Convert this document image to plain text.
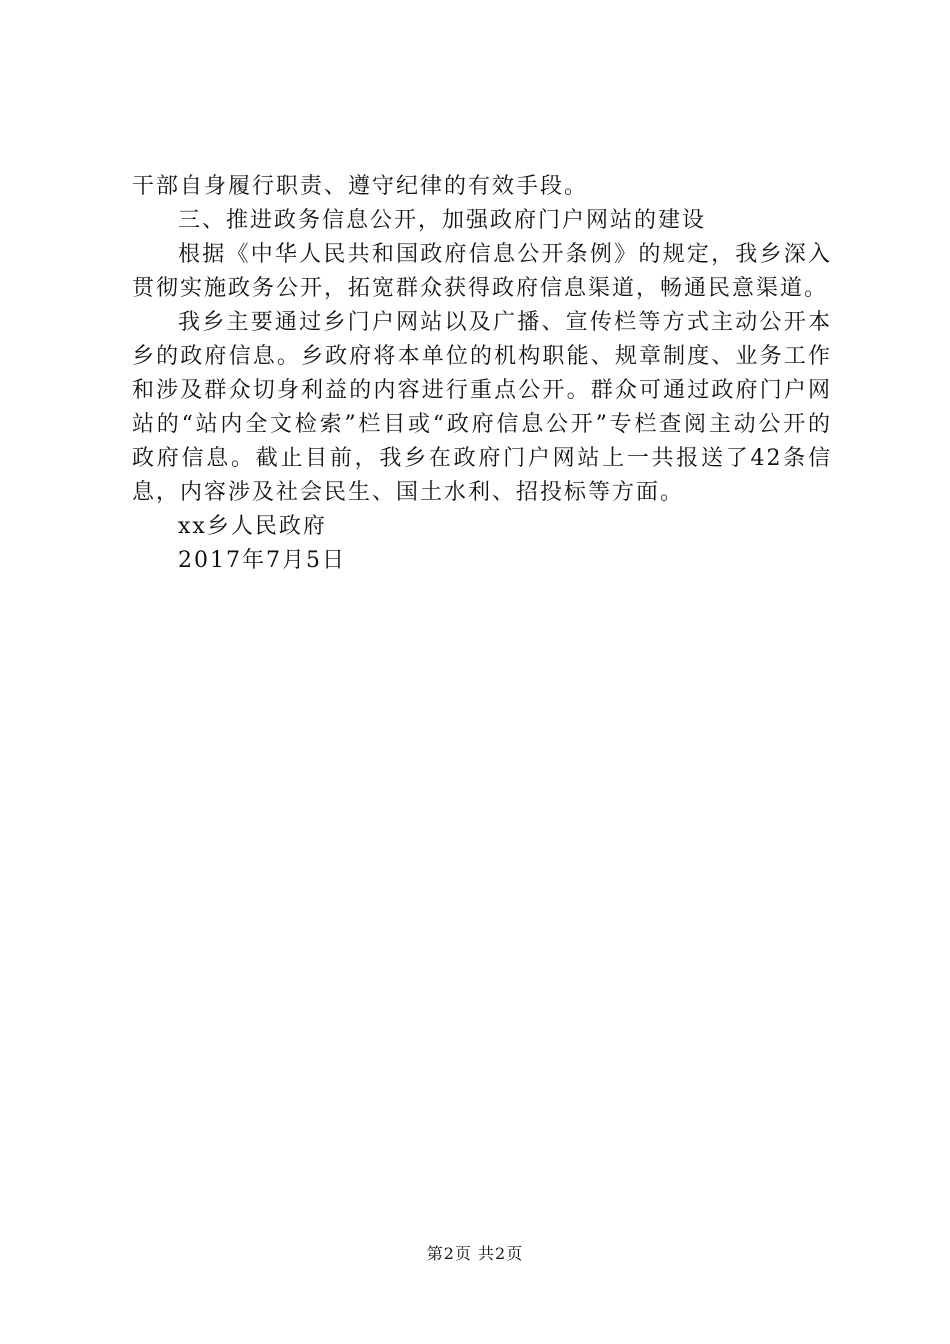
干部自身履行职责、遵守纪律的有效手段。

三、推进政务信息公开，加强政府门户网站的建设

根据《中华人民共和国政府信息公开条例》的规定，我乡深入贯彻实施政务公开，拓宽群众获得政府信息渠道，畅通民意渠道。

我乡主要通过乡门户网站以及广播、宣传栏等方式主动公开本乡的政府信息。乡政府将本单位的机构职能、规章制度、业务工作和涉及群众切身利益的内容进行重点公开。群众可通过政府门户网站的“站内全文检索”栏目或“政府信息公开”专栏查阅主动公开的政府信息。截止目前，我乡在政府门户网站上一共报送了42条信息，内容涉及社会民生、国土水利、招投标等方面。

xx乡人民政府

2017年7月5日

第2页 共2页
